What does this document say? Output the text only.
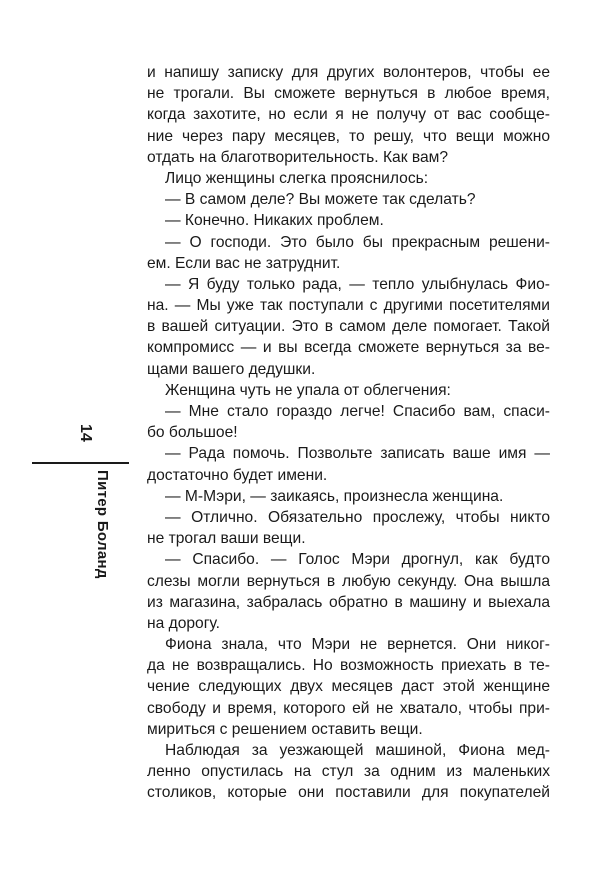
14
Питер Боланд
и напишу записку для других волонтеров, чтобы ее
не трогали. Вы сможете вернуться в любое время,
когда захотите, но если я не получу от вас сообще-
ние через пару месяцев, то решу, что вещи можно
отдать на благотворительность. Как вам?
Лицо женщины слегка прояснилось:
— В самом деле? Вы можете так сделать?
— Конечно. Никаких проблем.
— О господи. Это было бы прекрасным решени-
ем. Если вас не затруднит.
— Я буду только рада, — тепло улыбнулась Фио-
на. — Мы уже так поступали с другими посетителями
в вашей ситуации. Это в самом деле помогает. Такой
компромисс — и вы всегда сможете вернуться за ве-
щами вашего дедушки.
Женщина чуть не упала от облегчения:
— Мне стало гораздо легче! Спасибо вам, спаси-
бо большое!
— Рада помочь. Позвольте записать ваше имя —
достаточно будет имени.
— М-Мэри, — заикаясь, произнесла женщина.
— Отлично. Обязательно прослежу, чтобы никто
не трогал ваши вещи.
— Спасибо. — Голос Мэри дрогнул, как будто
слезы могли вернуться в любую секунду. Она вышла
из магазина, забралась обратно в машину и выехала
на дорогу.
Фиона знала, что Мэри не вернется. Они никог-
да не возвращались. Но возможность приехать в те-
чение следующих двух месяцев даст этой женщине
свободу и время, которого ей не хватало, чтобы при-
мириться с решением оставить вещи.
Наблюдая за уезжающей машиной, Фиона мед-
ленно опустилась на стул за одним из маленьких
столиков, которые они поставили для покупателей
